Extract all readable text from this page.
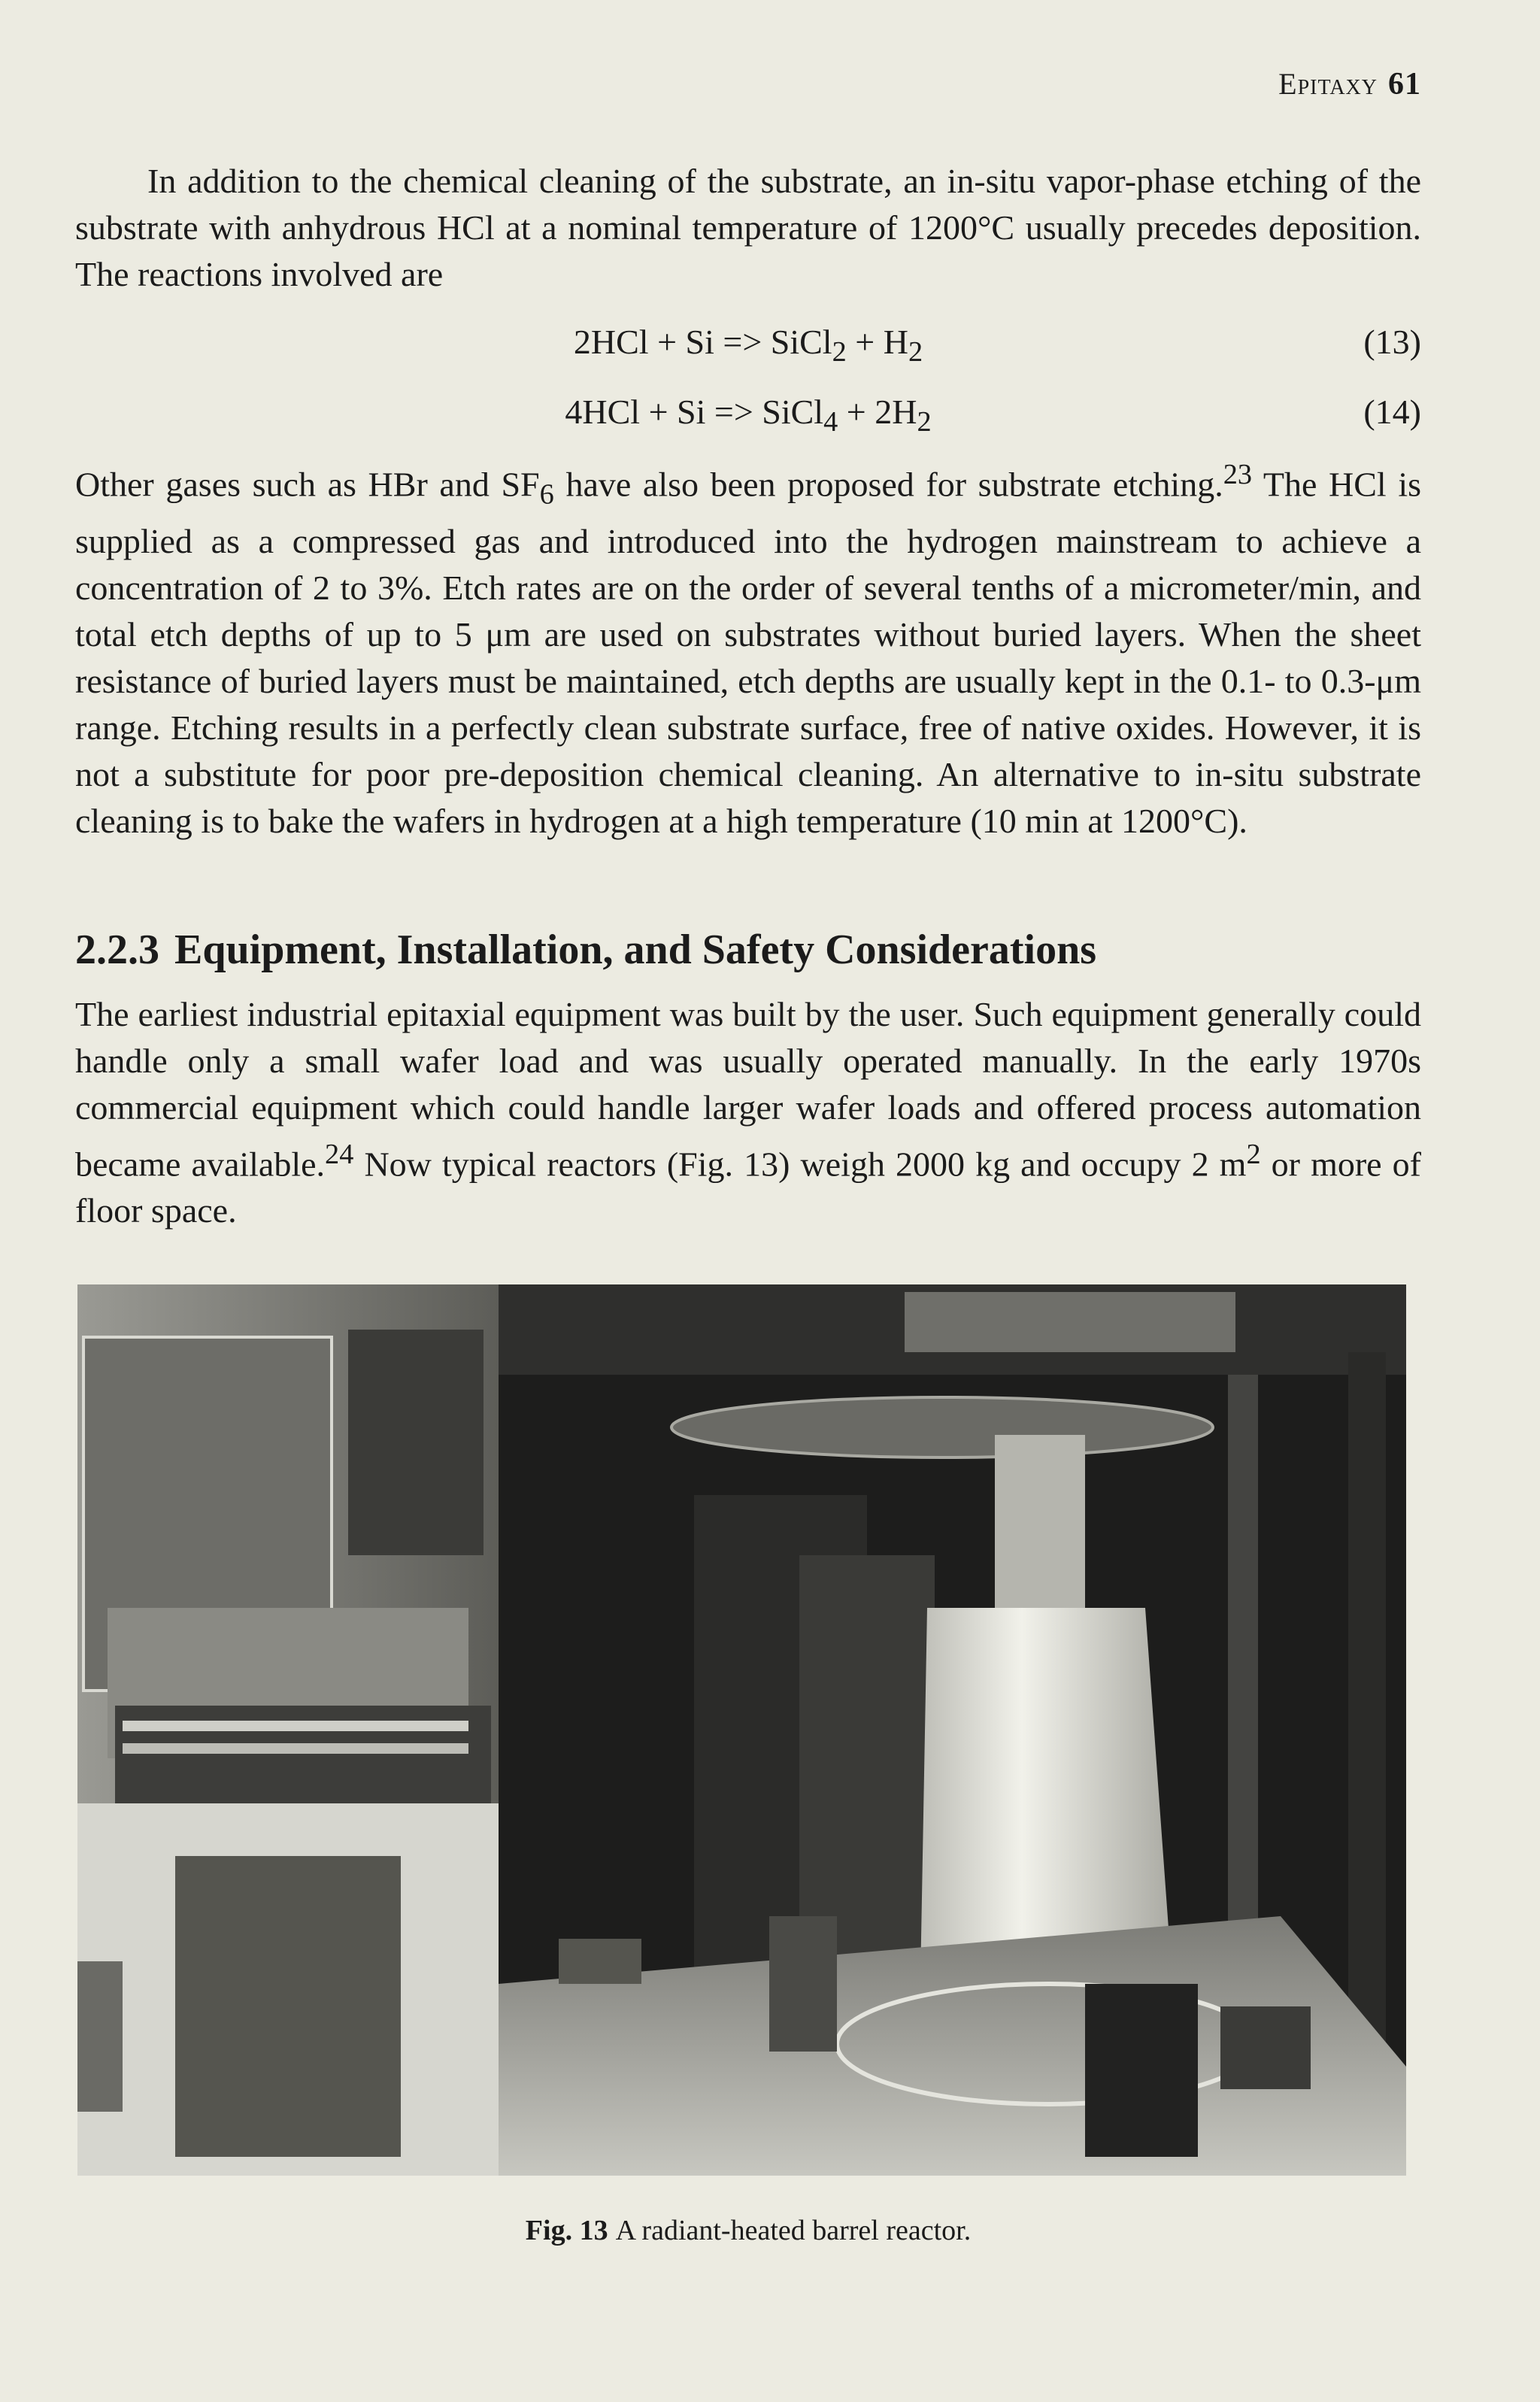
Epitaxy 61

In addition to the chemical cleaning of the substrate, an in-situ vapor-phase etching of the substrate with anhydrous HCl at a nominal temperature of 1200°C usually precedes deposition. The reactions involved are

2HCl + Si => SiCl$_2$ + $H_2$	(13)
4HCl + Si => SiCl$_4$ + $2H_2$	(14)

Other gases such as HBr and $SF_6$ have also been proposed for substrate etching.$^{23}$ The HCl is supplied as a compressed gas and introduced into the hydrogen mainstream to achieve a concentration of 2 to 3%. Etch rates are on the order of several tenths of a micrometer/min, and total etch depths of up to 5 μm are used on substrates without buried layers. When the sheet resistance of buried layers must be maintained, etch depths are usually kept in the 0.1- to 0.3-μm range. Etching results in a perfectly clean substrate surface, free of native oxides. However, it is not a substitute for poor pre-deposition chemical cleaning. An alternative to in-situ substrate cleaning is to bake the wafers in hydrogen at a high temperature (10 min at 1200°C).

2.2.3 Equipment, Installation, and Safety Considerations

The earliest industrial epitaxial equipment was built by the user. Such equipment generally could handle only a small wafer load and was usually operated manually. In the early 1970s commercial equipment which could handle larger wafer loads and offered process automation became available.$^{24}$ Now typical reactors (Fig. 13) weigh 2000 kg and occupy 2 $m^2$ or more of floor space.

Fig. 13 A radiant-heated barrel reactor.
